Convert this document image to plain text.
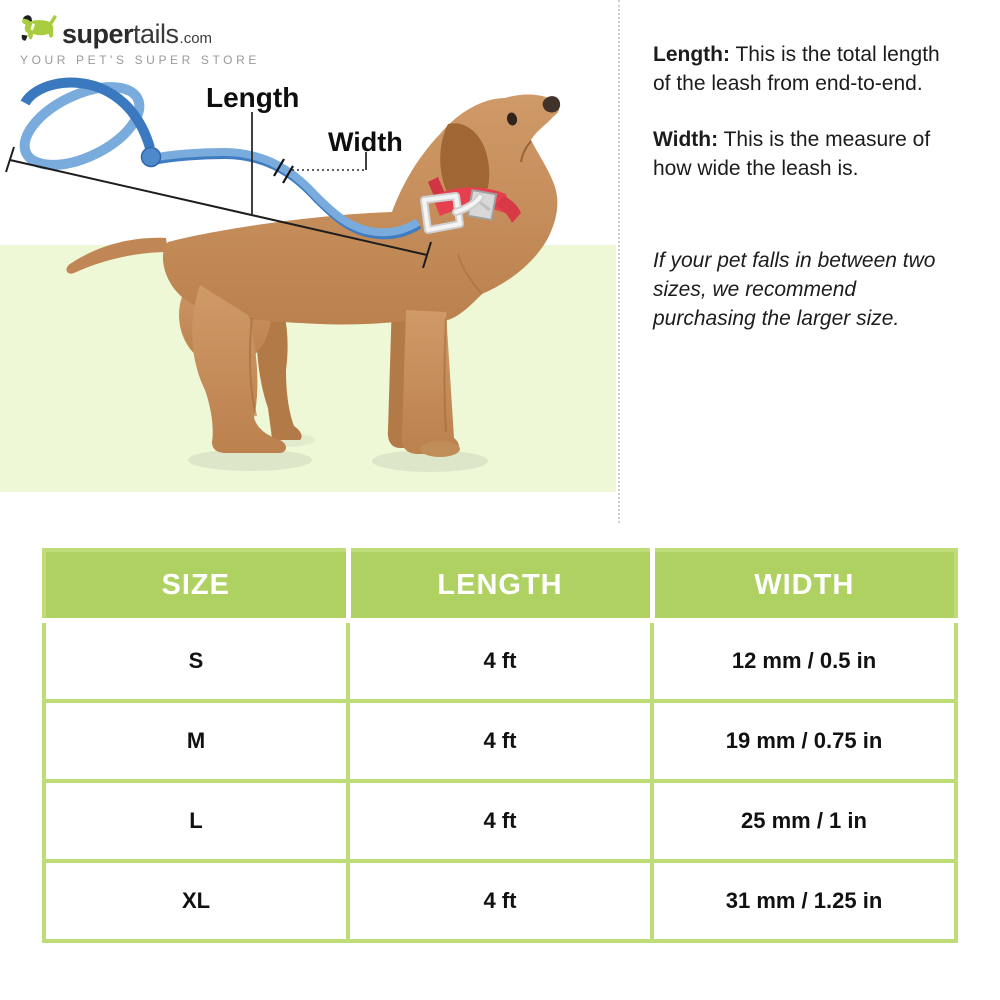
super tails .com
YOUR PET'S SUPER STORE
Length
Width

Length: This is the total length of the leash from end-to-end.

Width: This is the measure of how wide the leash is.

If your pet falls in between two sizes, we recommend purchasing the larger size.
SIZE	LENGTH	WIDTH
S	4 ft	12 mm / 0.5 in
M	4 ft	19 mm / 0.75 in
L	4 ft	25 mm / 1 in
XL	4 ft	31 mm / 1.25 in
